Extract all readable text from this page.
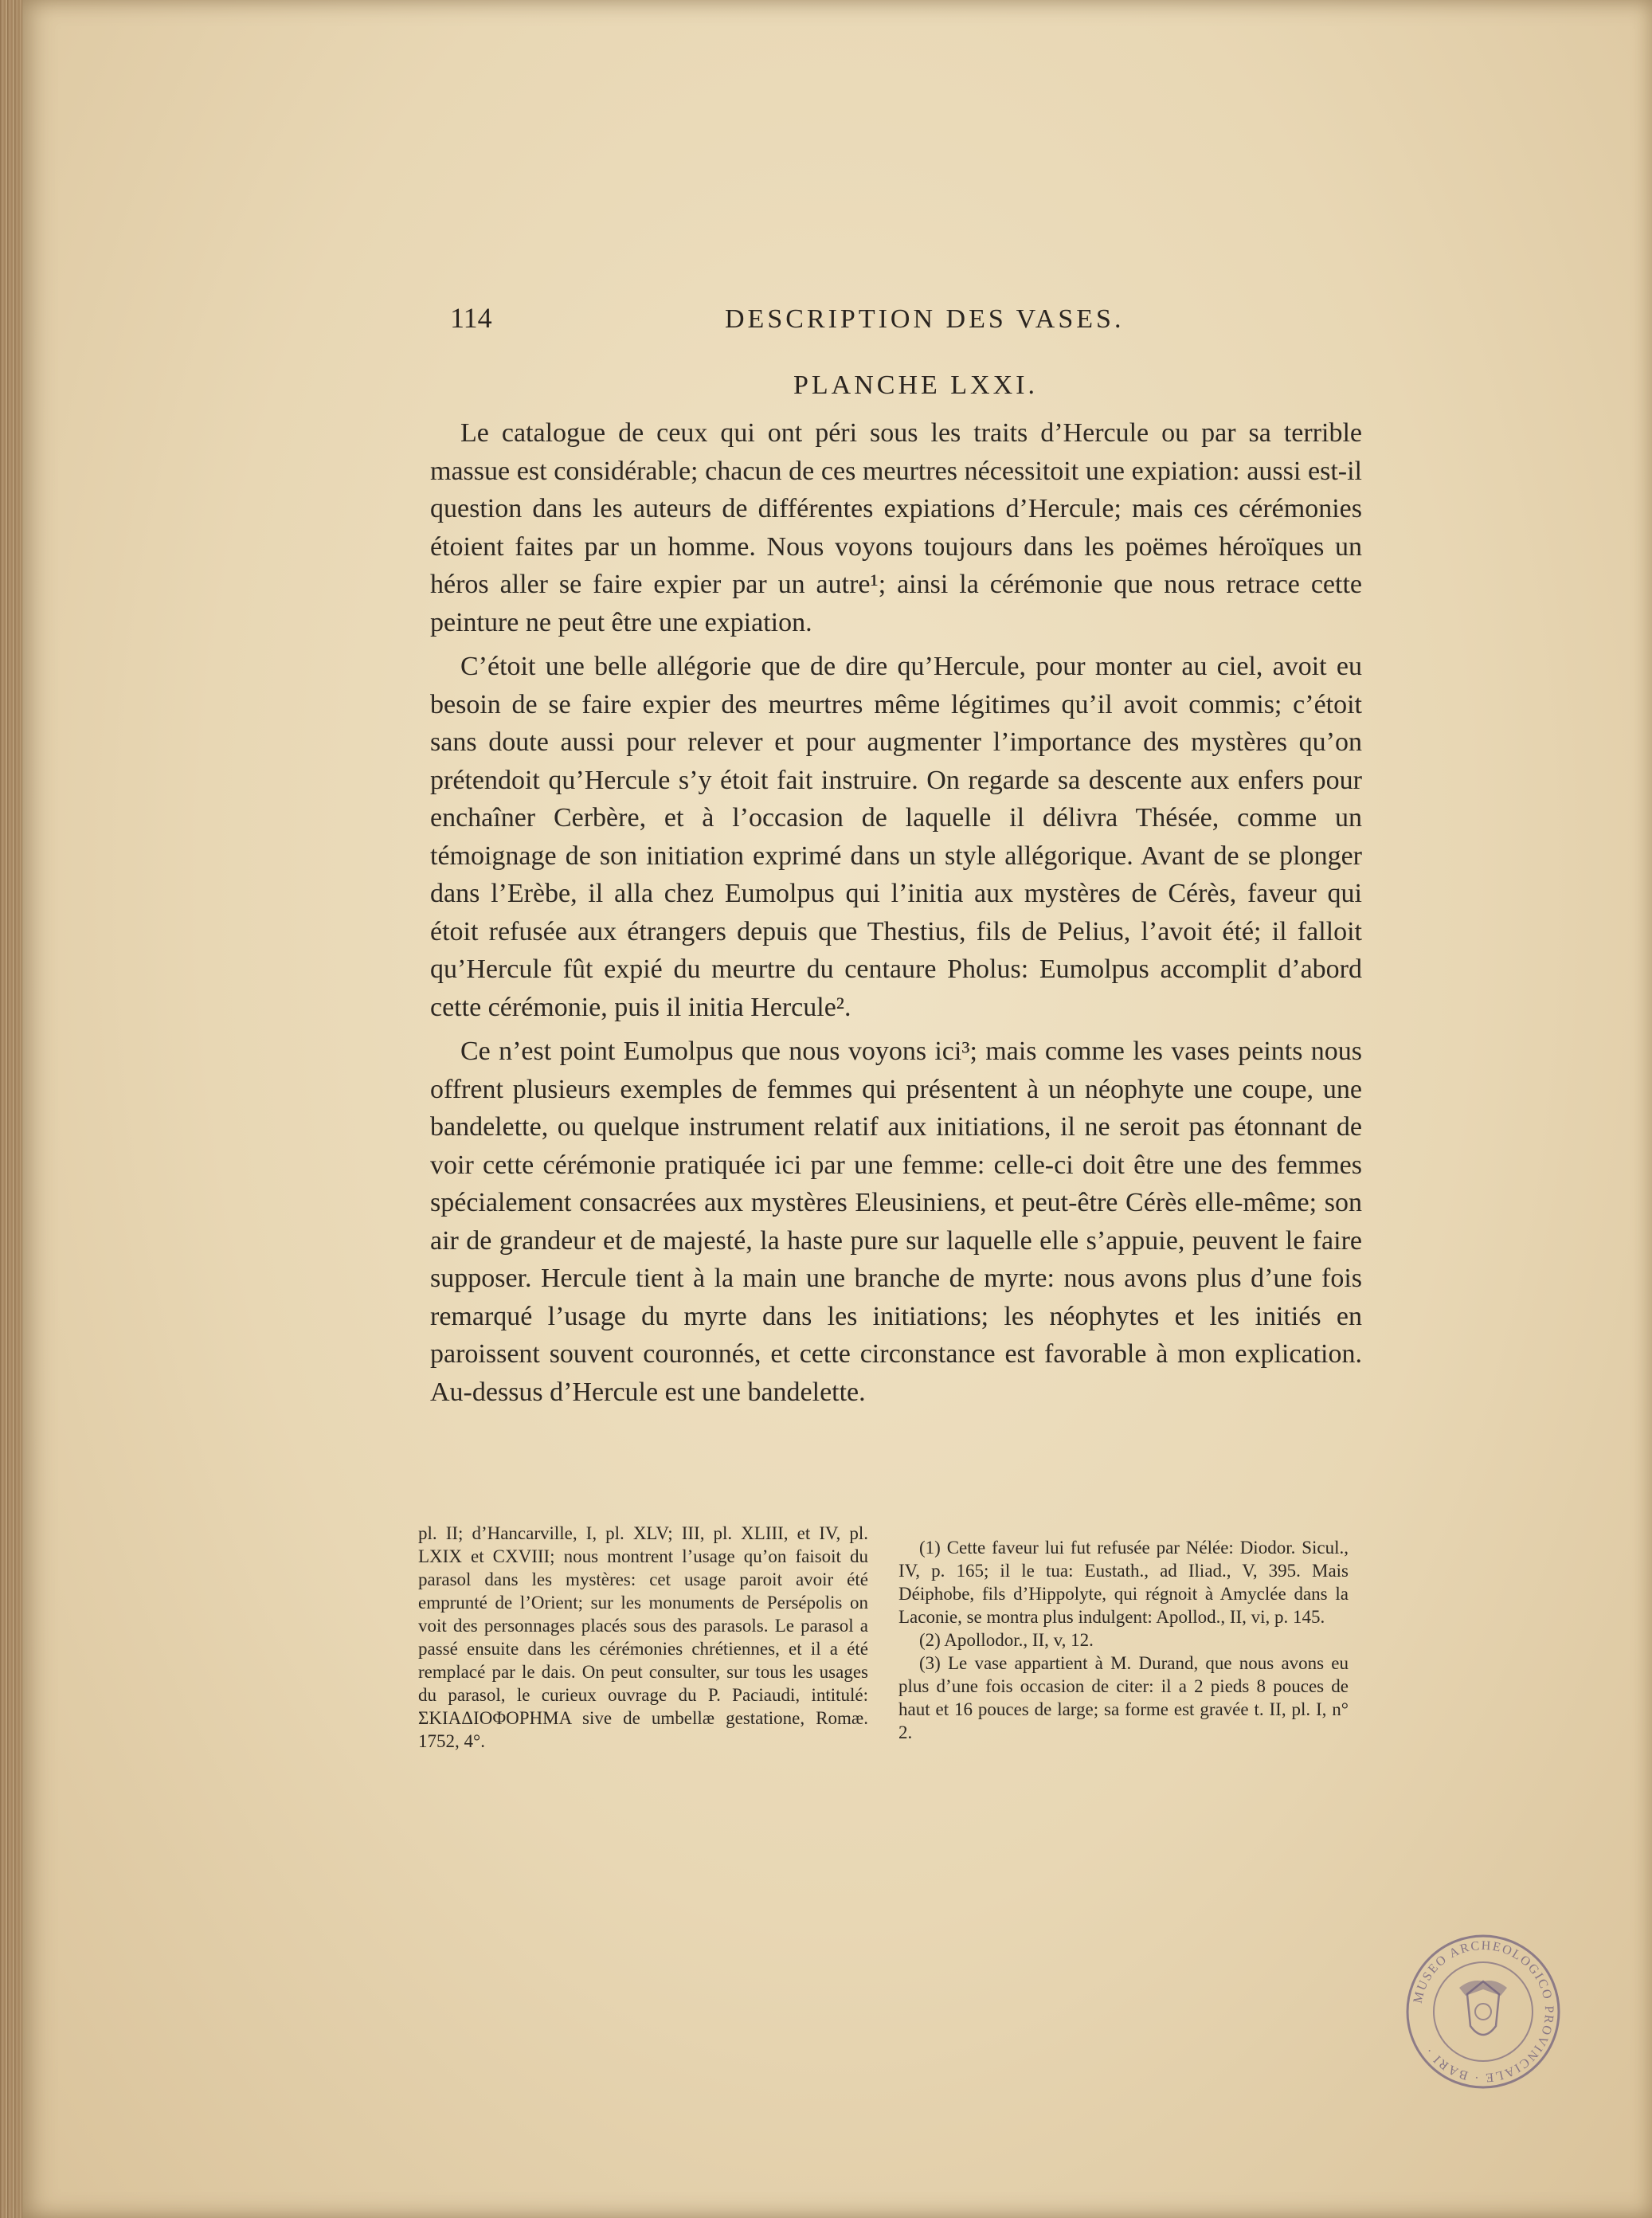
114	DESCRIPTION DES VASES.
PLANCHE LXXI.

Le catalogue de ceux qui ont péri sous les traits d’Hercule ou par sa terrible massue est considérable; chacun de ces meurtres nécessitoit une expiation: aussi est-il question dans les auteurs de différentes expiations d’Hercule; mais ces cérémonies étoient faites par un homme. Nous voyons toujours dans les poëmes héroïques un héros aller se faire expier par un autre¹; ainsi la cérémonie que nous retrace cette peinture ne peut être une expiation.

C’étoit une belle allégorie que de dire qu’Hercule, pour monter au ciel, avoit eu besoin de se faire expier des meurtres même légitimes qu’il avoit commis; c’étoit sans doute aussi pour relever et pour augmenter l’importance des mystères qu’on prétendoit qu’Hercule s’y étoit fait instruire. On regarde sa descente aux enfers pour enchaîner Cerbère, et à l’occasion de laquelle il délivra Thésée, comme un témoignage de son initiation exprimé dans un style allégorique. Avant de se plonger dans l’Erèbe, il alla chez Eumolpus qui l’initia aux mystères de Cérès, faveur qui étoit refusée aux étrangers depuis que Thestius, fils de Pelius, l’avoit été; il falloit qu’Hercule fût expié du meurtre du centaure Pholus: Eumolpus accomplit d’abord cette cérémonie, puis il initia Hercule².

Ce n’est point Eumolpus que nous voyons ici³; mais comme les vases peints nous offrent plusieurs exemples de femmes qui présentent à un néophyte une coupe, une bandelette, ou quelque instrument relatif aux initiations, il ne seroit pas étonnant de voir cette cérémonie pratiquée ici par une femme: celle-ci doit être une des femmes spécialement consacrées aux mystères Eleusiniens, et peut-être Cérès elle-même; son air de grandeur et de majesté, la haste pure sur laquelle elle s’appuie, peuvent le faire supposer. Hercule tient à la main une branche de myrte: nous avons plus d’une fois remarqué l’usage du myrte dans les initiations; les néophytes et les initiés en paroissent souvent couronnés, et cette circonstance est favorable à mon explication. Au-dessus d’Hercule est une bandelette.

pl. II; d’Hancarville, I, pl. XLV; III, pl. XLIII, et IV, pl. LXIX et CXVIII; nous montrent l’usage qu’on faisoit du parasol dans les mystères: cet usage paroit avoir été emprunté de l’Orient; sur les monuments de Persépolis on voit des personnages placés sous des parasols. Le parasol a passé ensuite dans les cérémonies chrétiennes, et il a été remplacé par le dais. On peut consulter, sur tous les usages du parasol, le curieux ouvrage du P. Paciaudi, intitulé: ΣΚΙΑΔΙΟΦΟΡΗΜΑ sive de umbellæ gestatione, Romæ. 1752, 4°.

(1) Cette faveur lui fut refusée par Nélée: Diodor. Sicul., IV, p. 165; il le tua: Eustath., ad Iliad., V, 395. Mais Déiphobe, fils d’Hippolyte, qui régnoit à Amyclée dans la Laconie, se montra plus indulgent: Apollod., II, vi, p. 145.

(2) Apollodor., II, v, 12.

(3) Le vase appartient à M. Durand, que nous avons eu plus d’une fois occasion de citer: il a 2 pieds 8 pouces de haut et 16 pouces de large; sa forme est gravée t. II, pl. I, n° 2.

MUSEO ARCHEOLOGICO PROVINCIALE · BARI ·
